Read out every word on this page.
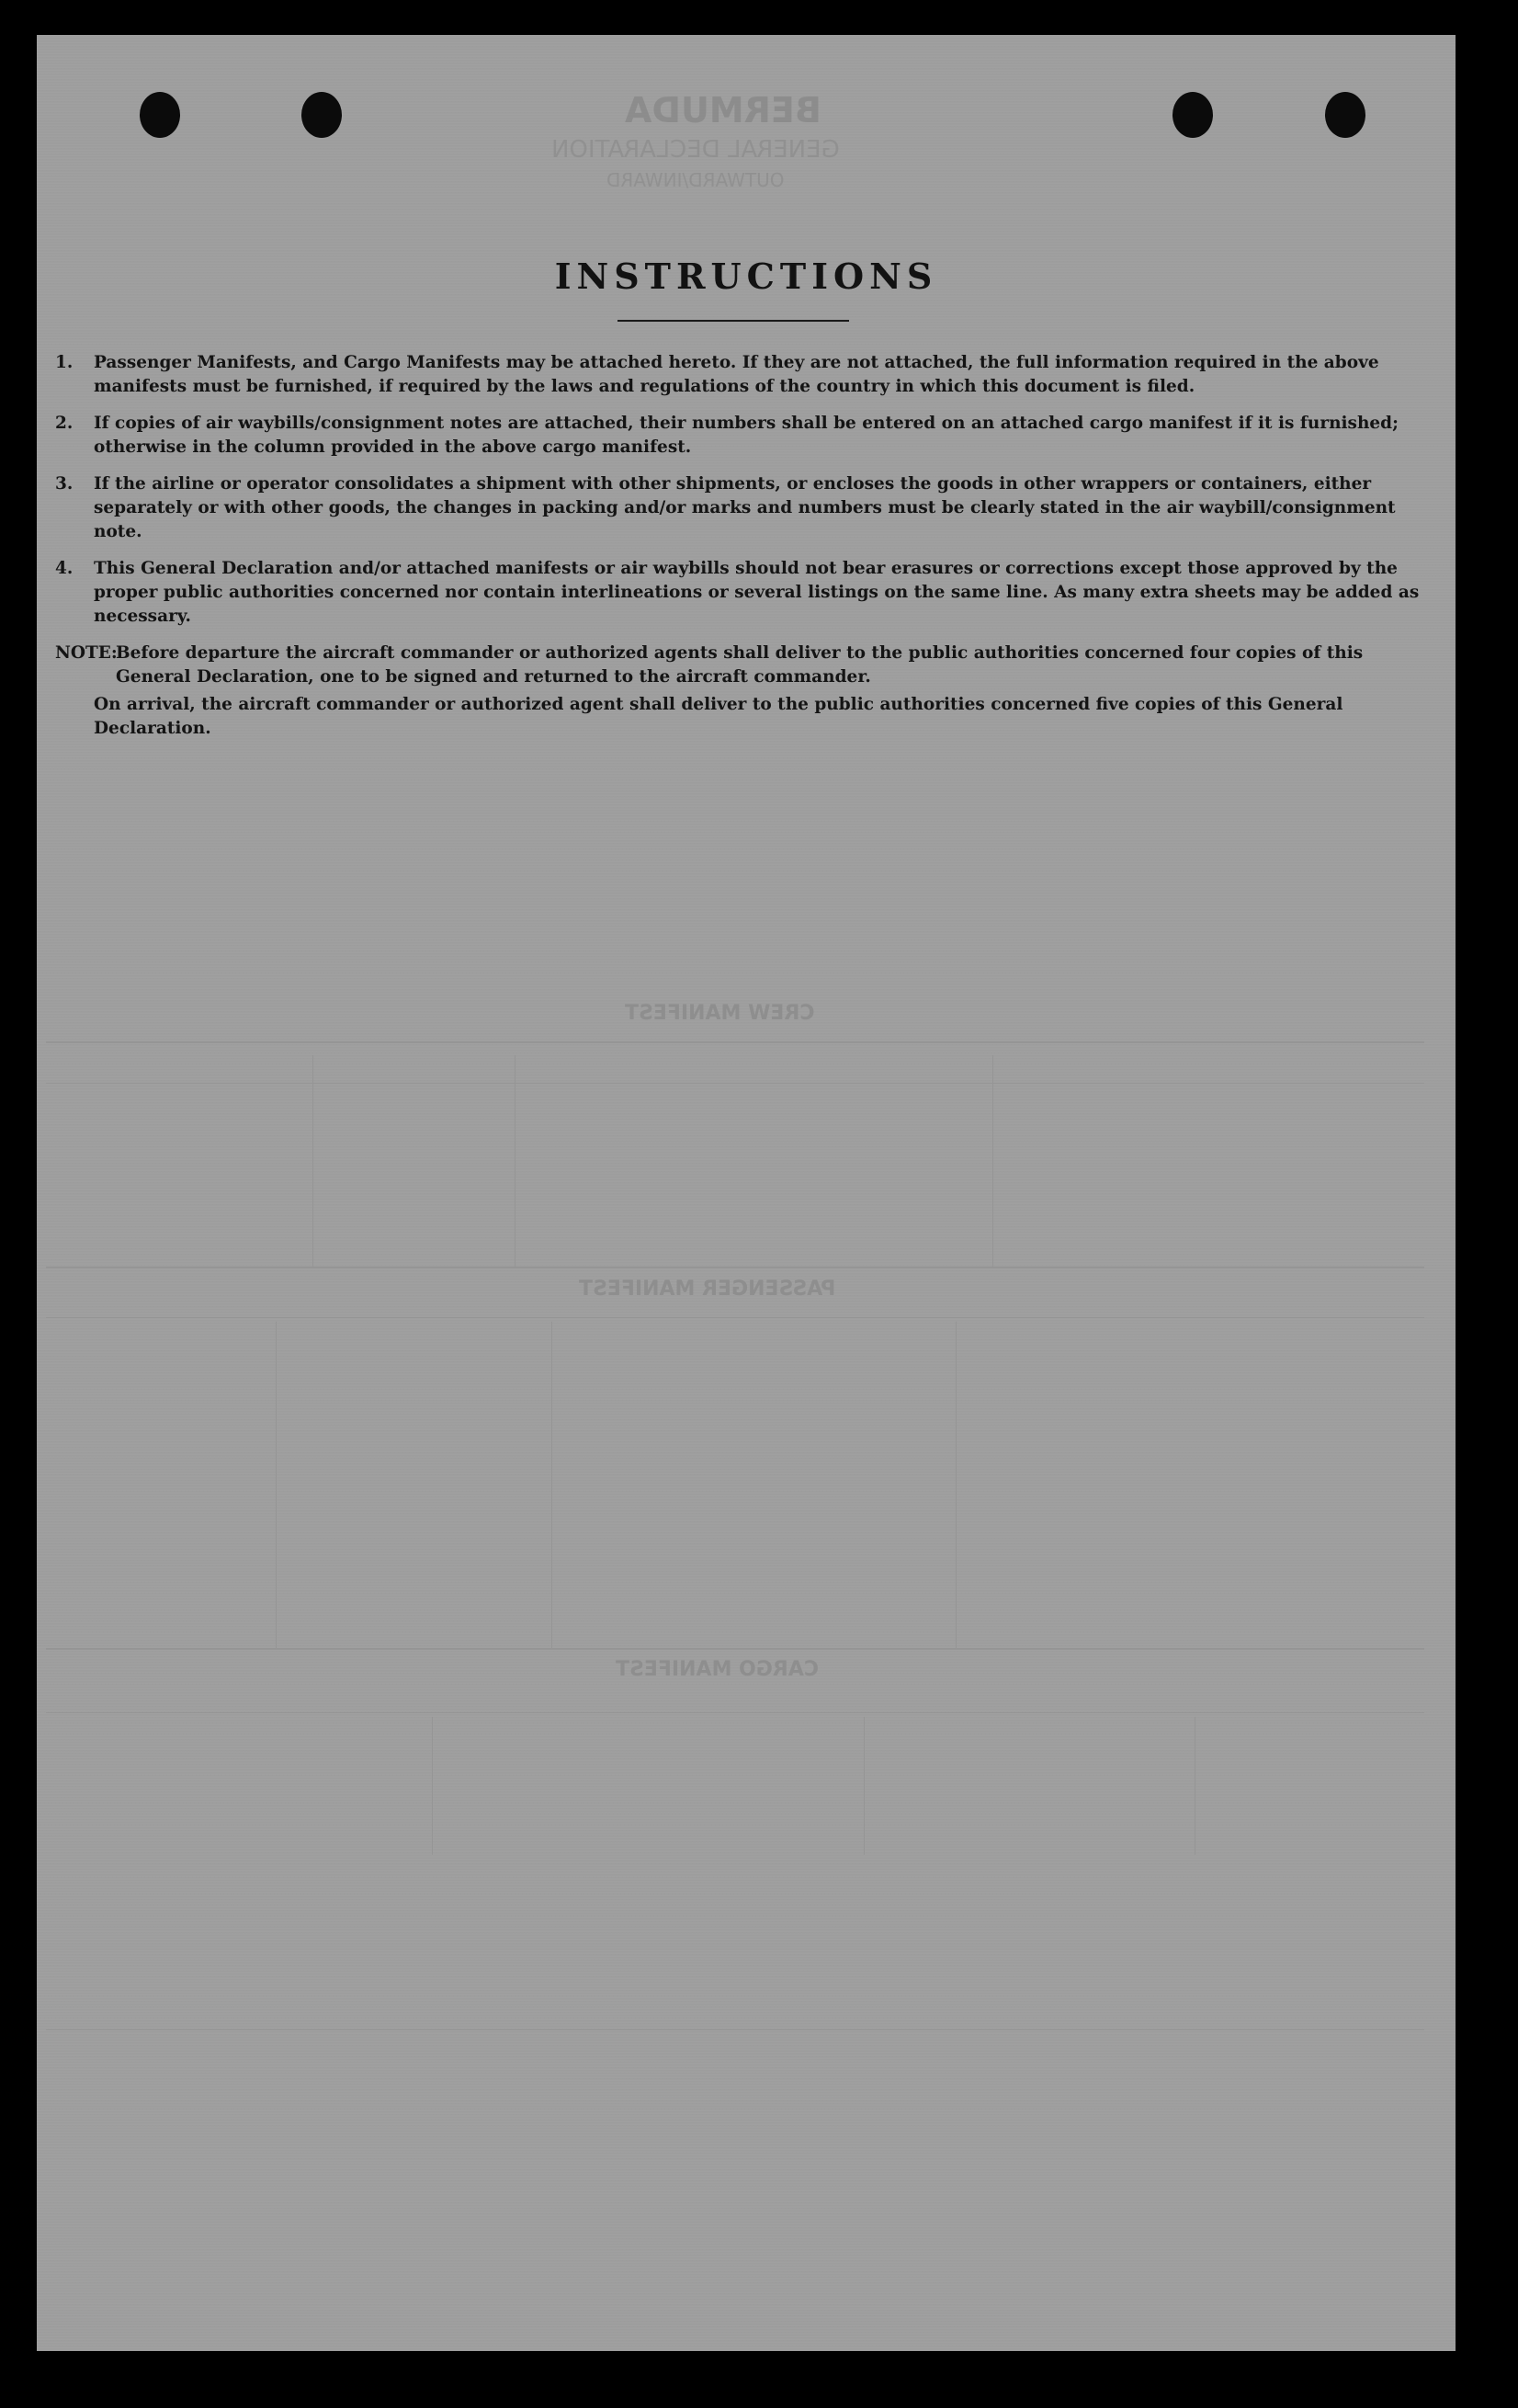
BERMUDA
GENERAL DECLARATION
OUTWARD/INWARD
CREW MANIFEST
PASSENGER MANIFEST
CARGO MANIFEST
INSTRUCTIONS
1.	Passenger Manifests, and Cargo Manifests may be attached hereto. If they are not attached, the full information required in the above manifests must be furnished, if required by the laws and regulations of the country in which this document is filed.
2.	If copies of air waybills/consignment notes are attached, their numbers shall be entered on an attached cargo manifest if it is furnished; otherwise in the column provided in the above cargo manifest.
3.	If the airline or operator consolidates a shipment with other shipments, or encloses the goods in other wrappers or containers, either separately or with other goods, the changes in packing and/or marks and numbers must be clearly stated in the air waybill/consignment note.
4.	This General Declaration and/or attached manifests or air waybills should not bear erasures or corrections except those approved by the proper public authorities concerned nor contain interlineations or several listings on the same line. As many extra sheets may be added as necessary.
NOTE:
Before departure the aircraft commander or authorized agents shall deliver to the public authorities concerned four copies of this General Declaration, one to be signed and returned to the aircraft commander.
On arrival, the aircraft commander or authorized agent shall deliver to the public authorities concerned five copies of this General Declaration.
